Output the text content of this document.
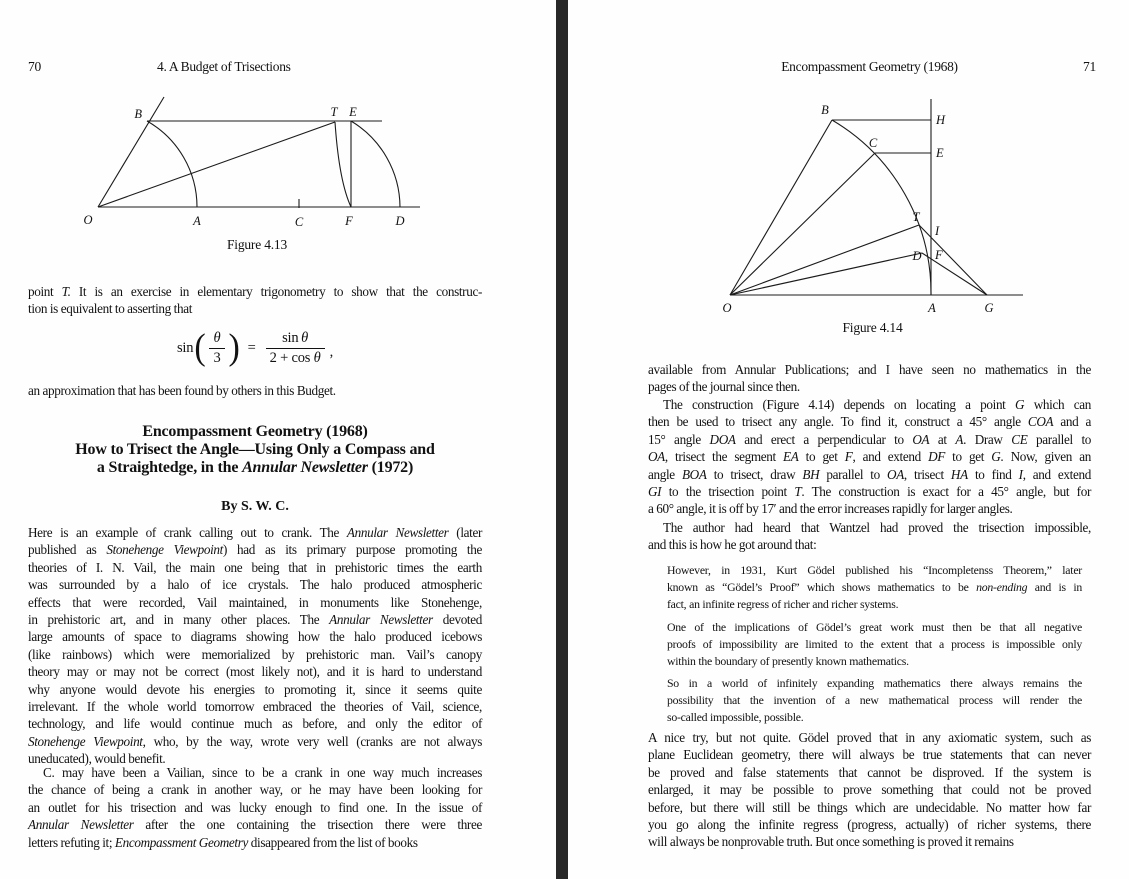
70	4. A Budget of Trisections
B	T E
O	A	C	F	D
Figure 4.13
point T. It is an exercise in elementary trigonometry to show that the construc-
tion is equivalent to asserting that
sin ( $\frac{\theta}{3}$ ) = $\frac{\text{sin  θ}}{\text{2 + cos θ}}$ ,
an approximation that has been found by others in this Budget.
Encompassment Geometry (1968)
How to Trisect the Angle—Using Only a Compass and
a Straightedge, in the Annular Newsletter (1972)
By S. W. C.
Here is an example of crank calling out to crank. The Annular Newsletter (later
published as Stonehenge Viewpoint) had as its primary purpose promoting the
theories of I. N. Vail, the main one being that in prehistoric times the earth
was surrounded by a halo of ice crystals. The halo produced atmospheric
effects that were recorded, Vail maintained, in monuments like Stonehenge,
in prehistoric art, and in many other places. The Annular Newsletter devoted
large amounts of space to diagrams showing how the halo produced icebows
(like rainbows) which were memorialized by prehistoric man. Vail’s canopy
theory may or may not be correct (most likely not), and it is hard to understand
why anyone would devote his energies to promoting it, since it seems quite
irrelevant. If the whole world tomorrow embraced the theories of Vail, science,
technology, and life would continue much as before, and only the editor of
Stonehenge Viewpoint, who, by the way, wrote very well (cranks are not always
uneducated), would benefit.
C. may have been a Vailian, since to be a crank in one way much increases
the chance of being a crank in another way, or he may have been looking for
an outlet for his trisection and was lucky enough to find one. In the issue of
Annular Newsletter after the one containing the trisection there were three
letters refuting it; Encompassment Geometry disappeared from the list of books
Encompassment Geometry (1968)	71
B
H
C
E
T
I
D F
O	A	G
Figure 4.14
available from Annular Publications; and I have seen no mathematics in the
pages of the journal since then.
The construction (Figure 4.14) depends on locating a point G which can
then be used to trisect any angle. To find it, construct a 45° angle COA and a
15° angle DOA and erect a perpendicular to OA at A. Draw CE parallel to
OA, trisect the segment EA to get F, and extend DF to get G. Now, given an
angle BOA to trisect, draw BH parallel to OA, trisect HA to find I, and extend
GI to the trisection point T. The construction is exact for a 45° angle, but for
a 60° angle, it is off by 17′ and the error increases rapidly for larger angles.
The author had heard that Wantzel had proved the trisection impossible,
and this is how he got around that:
However, in 1931, Kurt Gödel published his “Incompletenss Theorem,” later
known as “Gödel’s Proof” which shows mathematics to be non-ending and is in
fact, an infinite regress of richer and richer systems.
One of the implications of Gödel’s great work must then be that all negative
proofs of impossibility are limited to the extent that a process is impossible only
within the boundary of presently known mathematics.
So in a world of infinitely expanding mathematics there always remains the
possibility that the invention of a new mathematical process will render the
so-called impossible, possible.
A nice try, but not quite. Gödel proved that in any axiomatic system, such as
plane Euclidean geometry, there will always be true statements that can never
be proved and false statements that cannot be disproved. If the system is
enlarged, it may be possible to prove something that could not be proved
before, but there will still be things which are undecidable. No matter how far
you go along the infinite regress (progress, actually) of richer systems, there
will always be nonprovable truth. But once something is proved it remains
